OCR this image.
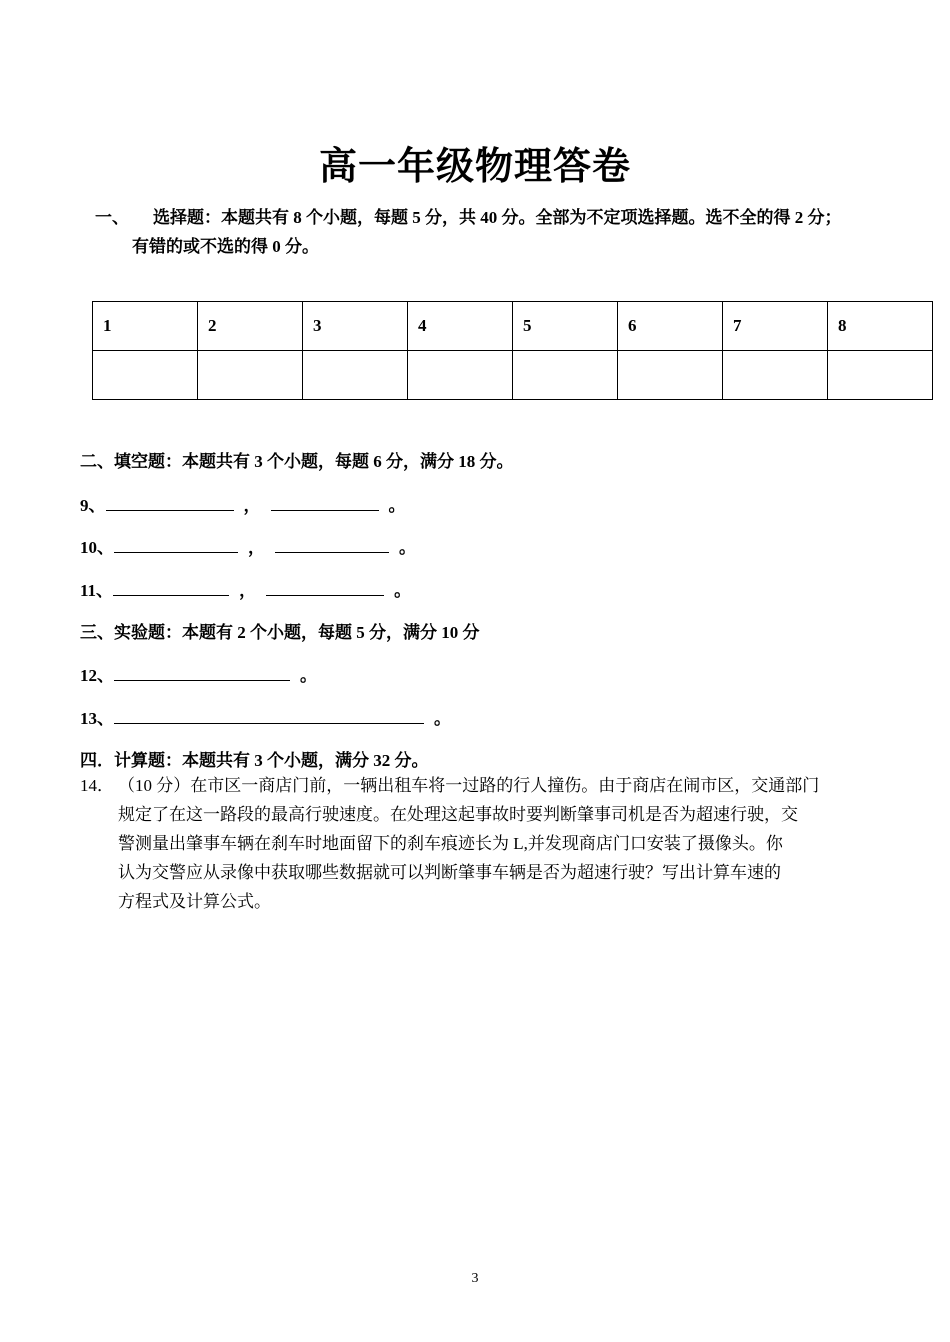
高一年级物理答卷
一、 选择题：本题共有 8 个小题，每题 5 分，共 40 分。全部为不定项选择题。选不全的得 2 分；
有错的或不选的得 0 分。
1	2	3	4	5	6	7	8

二、填空题：本题共有 3 个小题，每题 6 分，满分 18 分。
9、	，	。
10、	，	。
11、	，	。
三、实验题：本题有 2 个小题，每题 5 分，满分 10 分
12、	。
13、	。
四．计算题：本题共有 3 个小题，满分 32 分。
14． （10 分）在市区一商店门前，一辆出租车将一过路的行人撞伤。由于商店在闹市区，交通部门
规定了在这一路段的最高行驶速度。在处理这起事故时要判断肇事司机是否为超速行驶，交
警测量出肇事车辆在刹车时地面留下的刹车痕迹长为 L,并发现商店门口安装了摄像头。你
认为交警应从录像中获取哪些数据就可以判断肇事车辆是否为超速行驶？写出计算车速的
方程式及计算公式。
3
